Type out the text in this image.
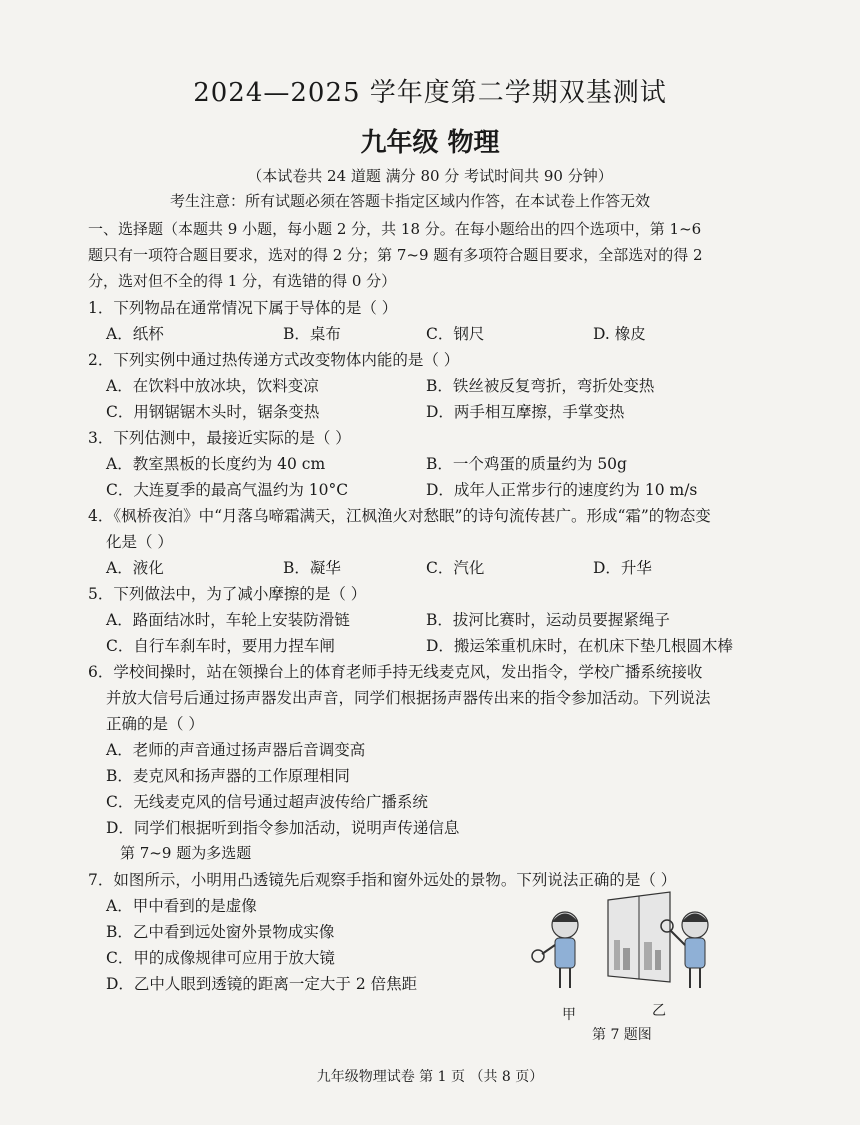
2024—2025 学年度第二学期双基测试
九年级 物理
（本试卷共 24 道题 满分 80 分 考试时间共 90 分钟）
考生注意：所有试题必须在答题卡指定区域内作答，在本试卷上作答无效
一、选择题（本题共 9 小题，每小题 2 分，共 18 分。在每小题给出的四个选项中，第 1~6
题只有一项符合题目要求，选对的得 2 分；第 7~9 题有多项符合题目要求，全部选对的得 2
分，选对但不全的得 1 分，有选错的得 0 分）
1．下列物品在通常情况下属于导体的是（ ）
A．纸杯	B．桌布	C．钢尺	D. 橡皮
2．下列实例中通过热传递方式改变物体内能的是（ ）
A．在饮料中放冰块，饮料变凉	B．铁丝被反复弯折，弯折处变热
C．用钢锯锯木头时，锯条变热	D．两手相互摩擦，手掌变热
3．下列估测中，最接近实际的是（ ）
A．教室黑板的长度约为 40 cm	B．一个鸡蛋的质量约为 50g
C．大连夏季的最高气温约为 10°C	D．成年人正常步行的速度约为 10 m/s
4．《枫桥夜泊》中“月落乌啼霜满天，江枫渔火对愁眠”的诗句流传甚广。形成“霜”的物态变
化是（ ）
A．液化	B．凝华	C．汽化	D．升华
5．下列做法中，为了减小摩擦的是（ ）
A．路面结冰时，车轮上安装防滑链	B．拔河比赛时，运动员要握紧绳子
C．自行车刹车时，要用力捏车闸	D．搬运笨重机床时，在机床下垫几根圆木棒
6．学校间操时，站在领操台上的体育老师手持无线麦克风，发出指令，学校广播系统接收
并放大信号后通过扬声器发出声音，同学们根据扬声器传出来的指令参加活动。下列说法
正确的是（ ）
A．老师的声音通过扬声器后音调变高
B．麦克风和扬声器的工作原理相同
C．无线麦克风的信号通过超声波传给广播系统
D．同学们根据听到指令参加活动，说明声传递信息
第 7~9 题为多选题
7．如图所示，小明用凸透镜先后观察手指和窗外远处的景物。下列说法正确的是（ ）
A．甲中看到的是虚像
B．乙中看到远处窗外景物成实像
C．甲的成像规律可应用于放大镜
D．乙中人眼到透镜的距离一定大于 2 倍焦距
甲	乙
第 7 题图
九年级物理试卷 第 1 页 （共 8 页）
